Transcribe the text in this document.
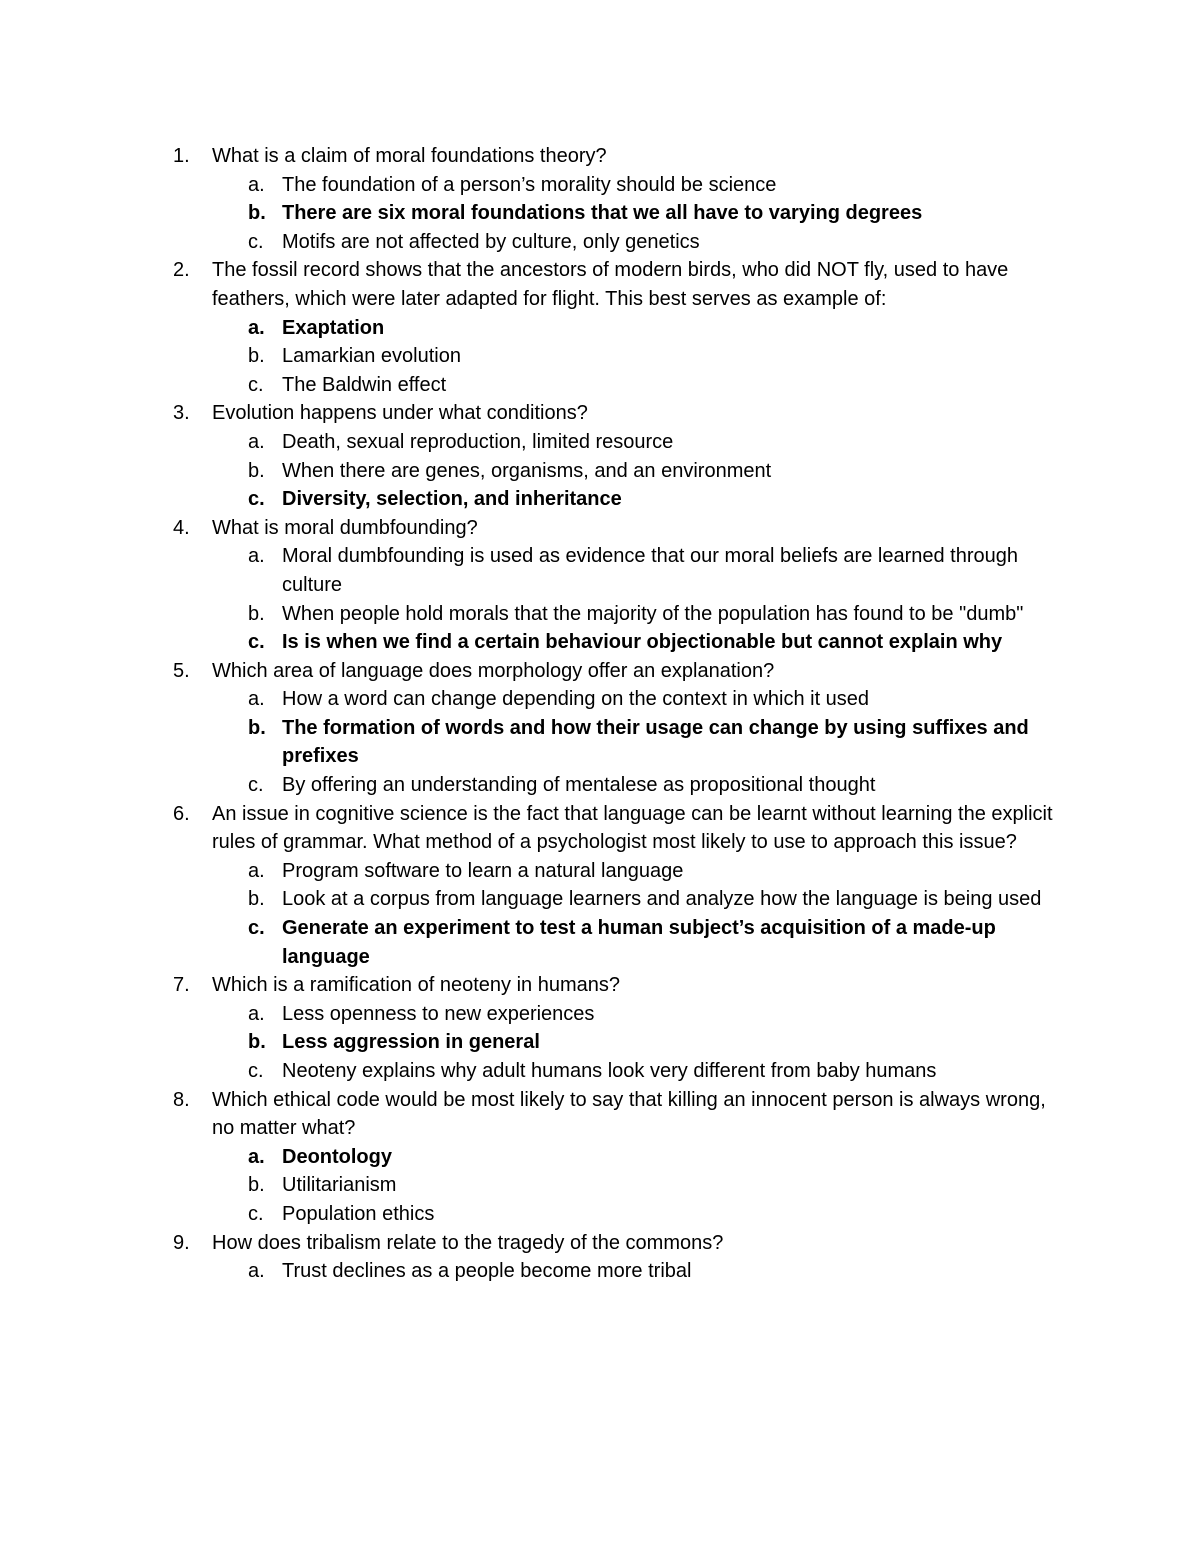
1. What is a claim of moral foundations theory?
a. The foundation of a person’s morality should be science
b. There are six moral foundations that we all have to varying degrees
c. Motifs are not affected by culture, only genetics
2. The fossil record shows that the ancestors of modern birds, who did NOT fly, used to have feathers, which were later adapted for flight. This best serves as example of:
a. Exaptation
b. Lamarkian evolution
c. The Baldwin effect
3. Evolution happens under what conditions?
a. Death, sexual reproduction, limited resource
b. When there are genes, organisms, and an environment
c. Diversity, selection, and inheritance
4. What is moral dumbfounding?
a. Moral dumbfounding is used as evidence that our moral beliefs are learned through culture
b. When people hold morals that the majority of the population has found to be "dumb"
c. Is is when we find a certain behaviour objectionable but cannot explain why
5. Which area of language does morphology offer an explanation?
a. How a word can change depending on the context in which it used
b. The formation of words and how their usage can change by using suffixes and prefixes
c. By offering an understanding of mentalese as propositional thought
6. An issue in cognitive science is the fact that language can be learnt without learning the explicit rules of grammar. What method of a psychologist most likely to use to approach this issue?
a. Program software to learn a natural language
b. Look at a corpus from language learners and analyze how the language is being used
c. Generate an experiment to test a human subject’s acquisition of a made-up language
7. Which is a ramification of neoteny in humans?
a. Less openness to new experiences
b. Less aggression in general
c. Neoteny explains why adult humans look very different from baby humans
8. Which ethical code would be most likely to say that killing an innocent person is always wrong, no matter what?
a. Deontology
b. Utilitarianism
c. Population ethics
9. How does tribalism relate to the tragedy of the commons?
a. Trust declines as a people become more tribal
